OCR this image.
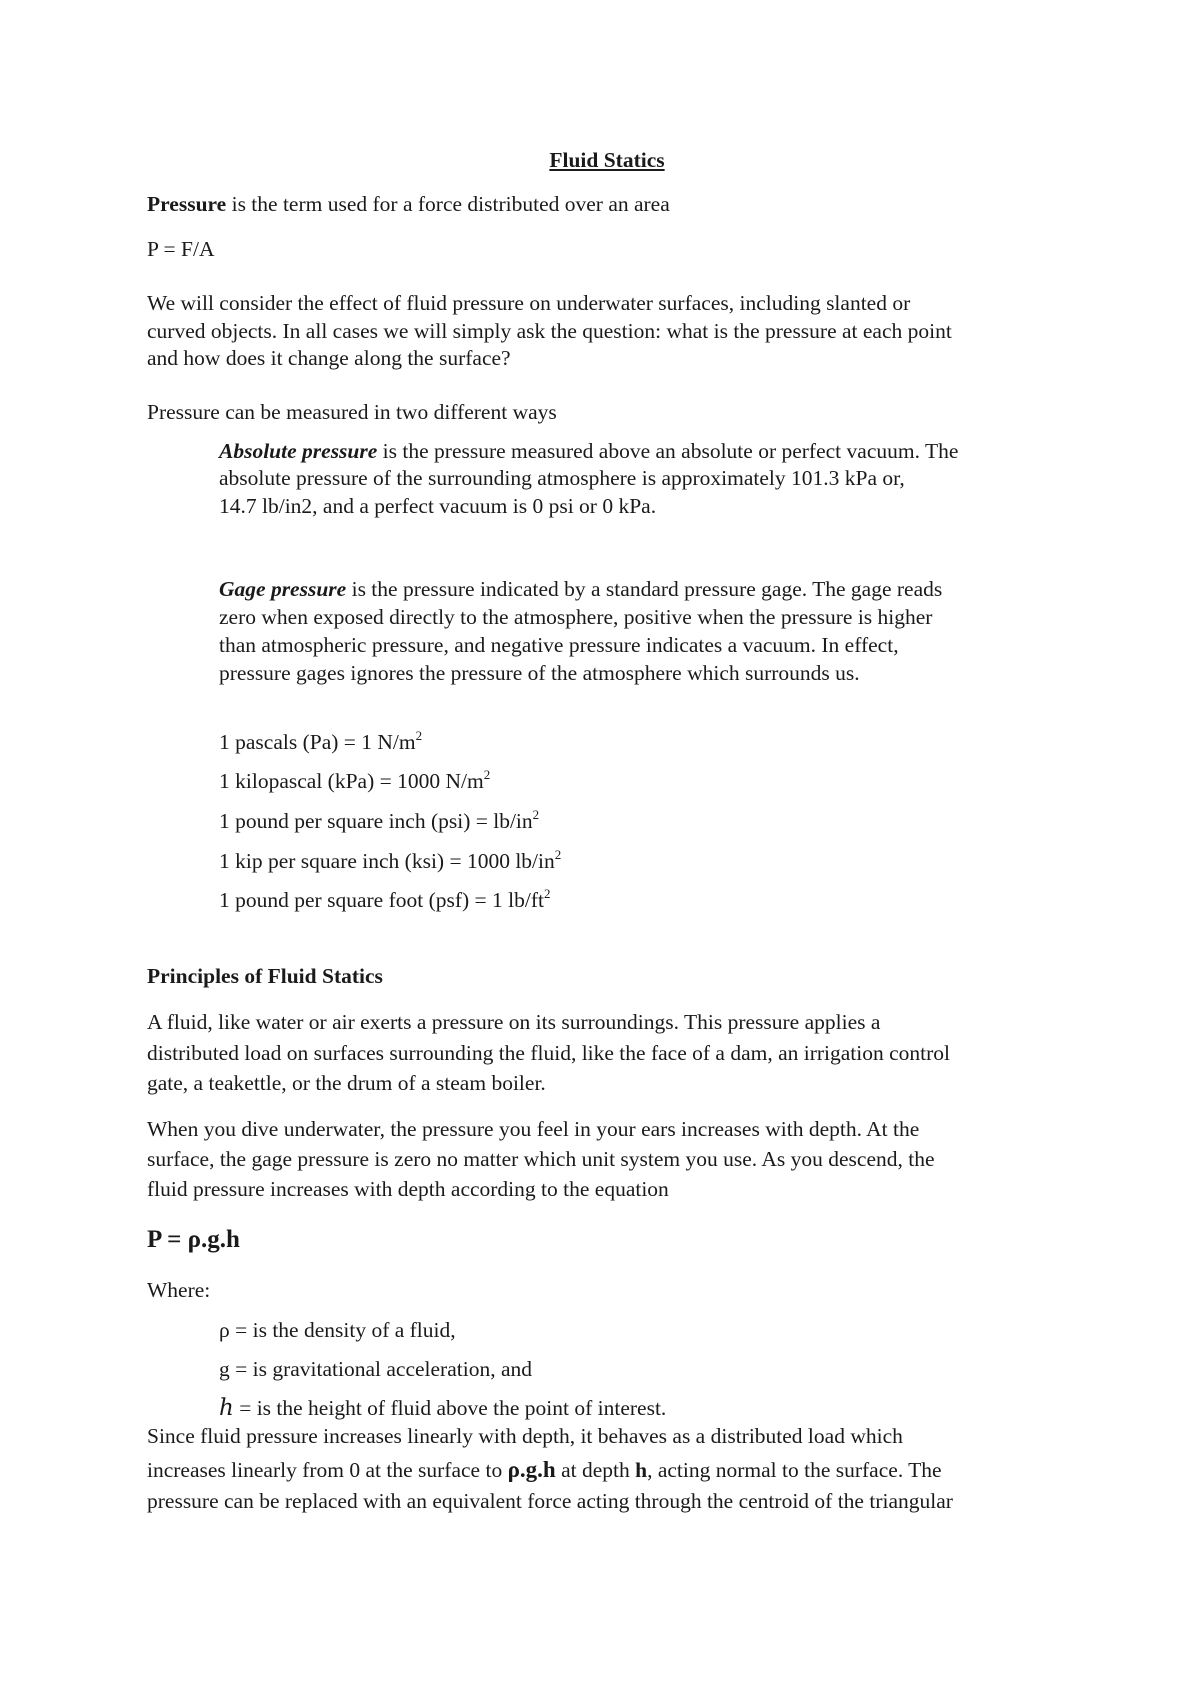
Fluid Statics

Pressure is the term used for a force distributed over an area

P = F/A

We will consider the effect of fluid pressure on underwater surfaces, including slanted or

curved objects. In all cases we will simply ask the question: what is the pressure at each point

and how does it change along the surface?

Pressure can be measured in two different ways

Absolute pressure is the pressure measured above an absolute or perfect vacuum. The

absolute pressure of the surrounding atmosphere is approximately 101.3 kPa or,

14.7 lb/in2, and a perfect vacuum is 0 psi or 0 kPa.

Gage pressure is the pressure indicated by a standard pressure gage. The gage reads

zero when exposed directly to the atmosphere, positive when the pressure is higher

than atmospheric pressure, and negative pressure indicates a vacuum. In effect,

pressure gages ignores the pressure of the atmosphere which surrounds us.

1 pascals (Pa) = 1 $N/m^2$

1 kilopascal (kPa) = 1000 $N/m^2$

1 pound per square inch $(psi) = lb/in^2$

1 kip per square inch (ksi) = 1000 $lb/in^2$

1 pound per square foot (psf) = 1 $lb/ft^2$

Principles of Fluid Statics

A fluid, like water or air exerts a pressure on its surroundings. This pressure applies a

distributed load on surfaces surrounding the fluid, like the face of a dam, an irrigation control

gate, a teakettle, or the drum of a steam boiler.

When you dive underwater, the pressure you feel in your ears increases with depth. At the

surface, the gage pressure is zero no matter which unit system you use. As you descend, the

fluid pressure increases with depth according to the equation

P = ρ.g.h

Where:

ρ = is the density of a fluid,

g = is gravitational acceleration, and

h = is the height of fluid above the point of interest.

Since fluid pressure increases linearly with depth, it behaves as a distributed load which

increases linearly from 0 at the surface to ρ.g.h at depth h, acting normal to the surface. The

pressure can be replaced with an equivalent force acting through the centroid of the triangular
